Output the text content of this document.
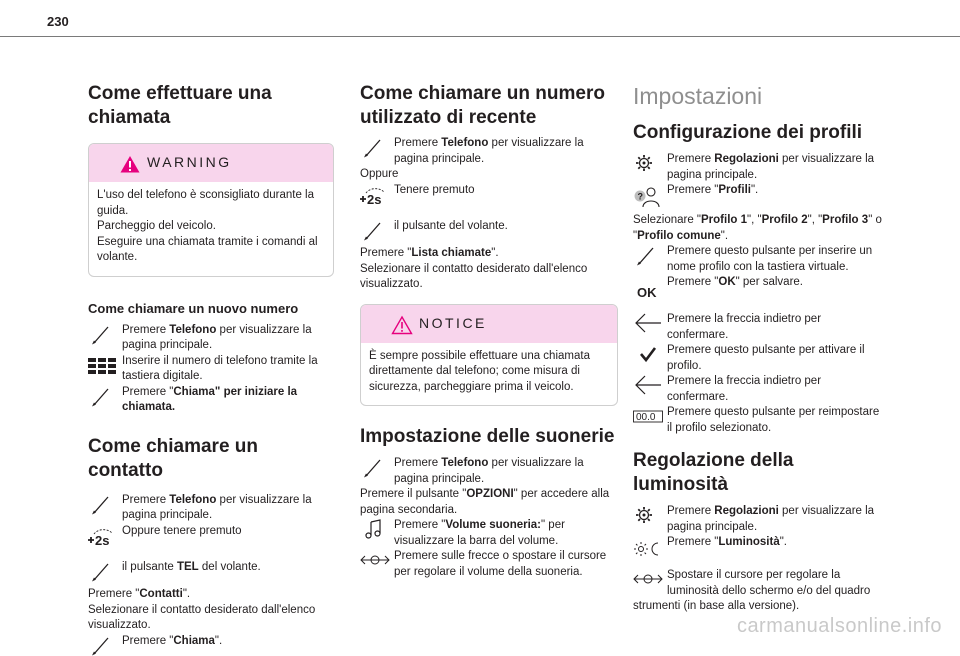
230
Come effettuare una chiamata
WARNING
L'uso del telefono è sconsigliato durante la
guida.
Parcheggio del veicolo.
Eseguire una chiamata tramite i comandi al
volante.
Come chiamare un nuovo numero
Premere Telefono per visualizzare la
pagina principale.
Inserire il numero di telefono tramite la
tastiera digitale.
Premere "Chiama" per iniziare la
chiamata.
Come chiamare un contatto
Premere Telefono per visualizzare la
pagina principale.
2s
Oppure tenere premuto
il pulsante TEL del volante.
Premere "Contatti".
Selezionare il contatto desiderato dall'elenco
visualizzato.
Premere "Chiama".
Come chiamare un numero utilizzato di recente
Premere Telefono per visualizzare la
pagina principale.
Oppure
2s
Tenere premuto
il pulsante del volante.
Premere "Lista chiamate".
Selezionare il contatto desiderato dall'elenco
visualizzato.
NOTICE
È sempre possibile effettuare una chiamata
direttamente dal telefono; come misura di
sicurezza, parcheggiare prima il veicolo.
Impostazione delle suonerie
Premere Telefono per visualizzare la
pagina principale.
Premere il pulsante "OPZIONI" per accedere alla
pagina secondaria.
Premere "Volume suoneria:" per
visualizzare la barra del volume.
Premere sulle frecce o spostare il cursore
per regolare il volume della suoneria.
Impostazioni
Configurazione dei profili
Premere Regolazioni per visualizzare la
pagina principale.
?
Premere "Profili".
Selezionare "Profilo 1", "Profilo 2", "Profilo 3" o
"Profilo comune".
Premere questo pulsante per inserire un
nome profilo con la tastiera virtuale.
OK
Premere "OK" per salvare.
Premere la freccia indietro per
confermare.
Premere questo pulsante per attivare il
profilo.
Premere la freccia indietro per
confermare.
00.0 Premere questo pulsante per reimpostare
il profilo selezionato.
Regolazione della luminosità
Premere Regolazioni per visualizzare la
pagina principale.
Premere "Luminosità".
Spostare il cursore per regolare la
luminosità dello schermo e/o del quadro
strumenti (in base alla versione).
carmanualsonline.info
